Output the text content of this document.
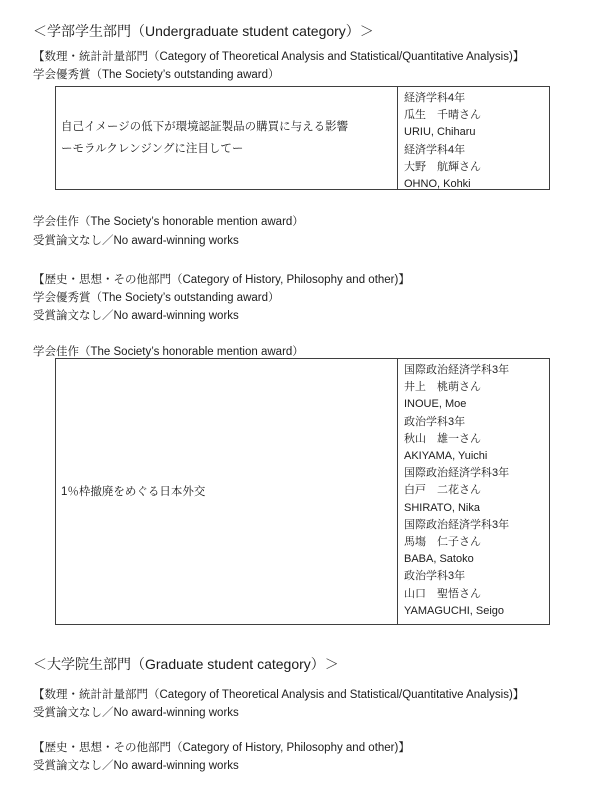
＜学部学生部門（Undergraduate student category）＞
【数理・統計計量部門（Category of Theoretical Analysis and Statistical/Quantitative Analysis)】
学会優秀賞（The Society’s outstanding award）
自己イメージの低下が環境認証製品の購買に与える影響
ーモラルクレンジングに注目してー
経済学科4年
瓜生　千晴さん
URIU, Chiharu
経済学科4年
大野　航輝さん
OHNO, Kohki
学会佳作（The Society’s honorable mention award）
受賞論文なし／No award-winning works
【歴史・思想・その他部門（Category of History, Philosophy and other)】
学会優秀賞（The Society’s outstanding award）
受賞論文なし／No award-winning works
学会佳作（The Society’s honorable mention award）
1％枠撤廃をめぐる日本外交
国際政治経済学科3年
井上　桃萌さん
INOUE, Moe
政治学科3年
秋山　雄一さん
AKIYAMA, Yuichi
国際政治経済学科3年
白戸　二花さん
SHIRATO, Nika
国際政治経済学科3年
馬塲　仁子さん
BABA, Satoko
政治学科3年
山口　聖悟さん
YAMAGUCHI, Seigo
＜大学院生部門（Graduate student category）＞
【数理・統計計量部門（Category of Theoretical Analysis and Statistical/Quantitative Analysis)】
受賞論文なし／No award-winning works
【歴史・思想・その他部門（Category of History, Philosophy and other)】
受賞論文なし／No award-winning works
